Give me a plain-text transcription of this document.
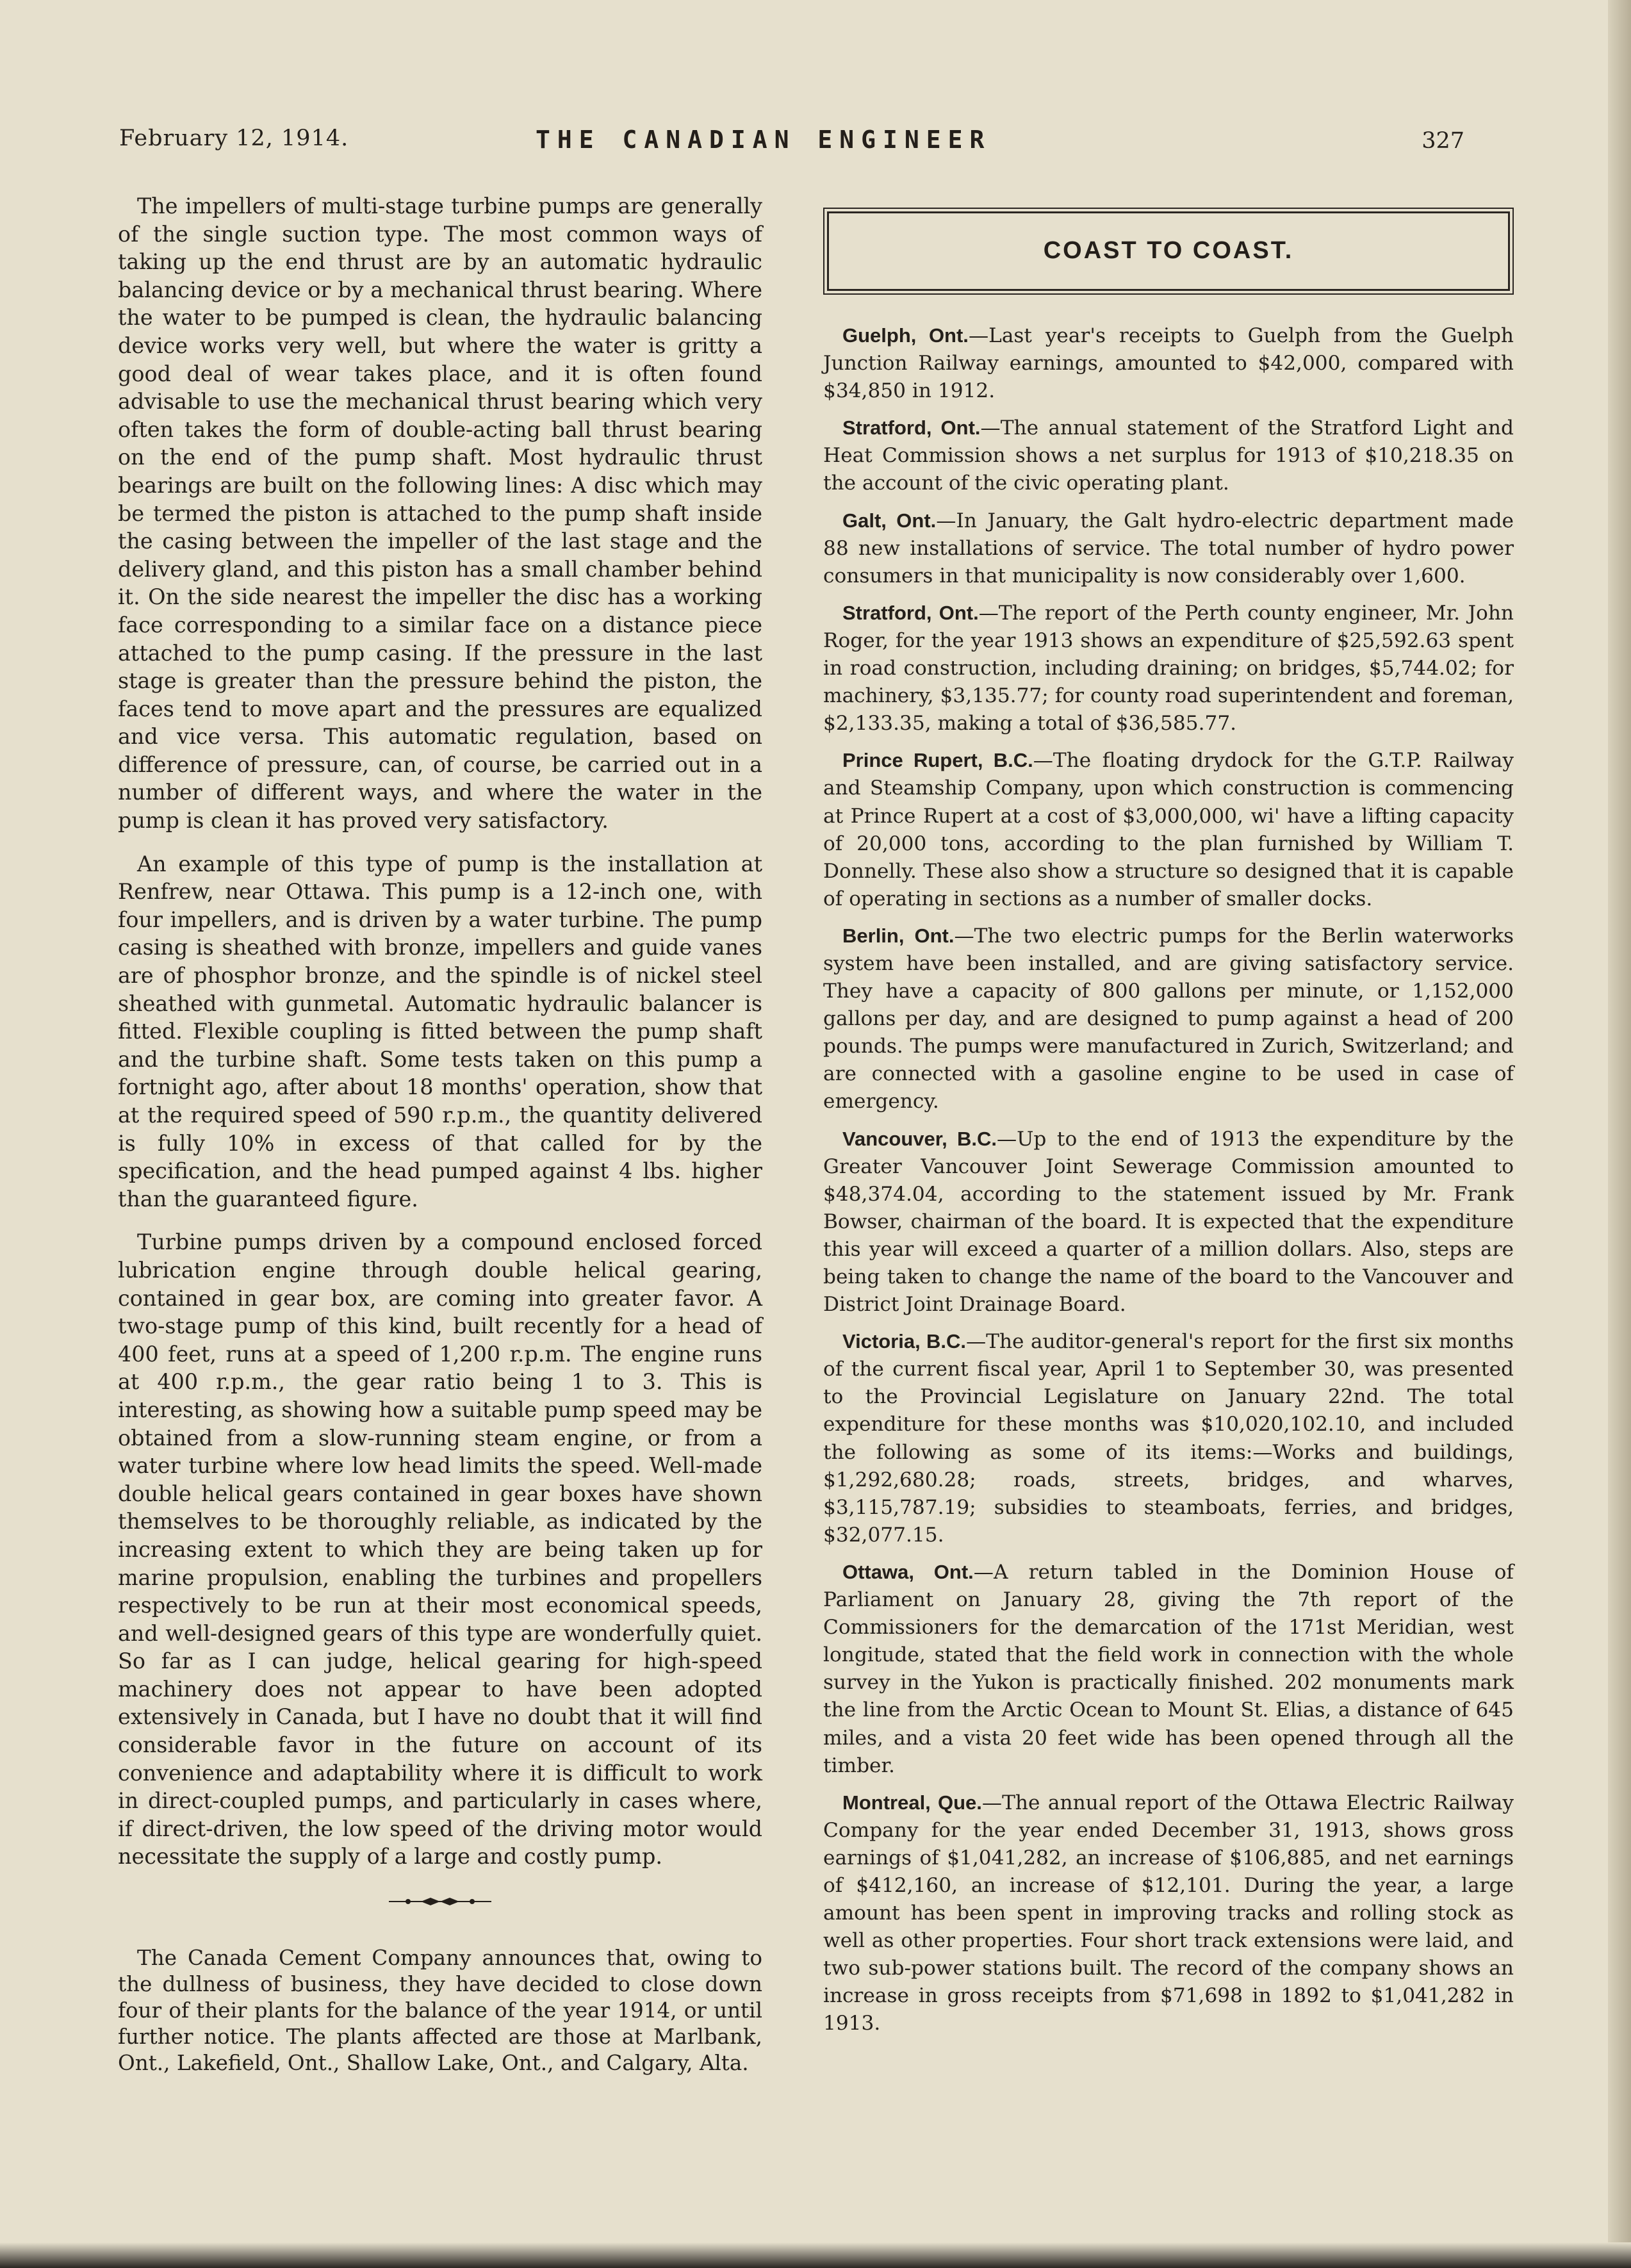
February 12, 1914.	THE CANADIAN ENGINEER	327

The impellers of multi-stage turbine pumps are generally of the single suction type. The most common ways of taking up the end thrust are by an automatic hydraulic balancing device or by a mechanical thrust bearing. Where the water to be pumped is clean, the hydraulic balancing device works very well, but where the water is gritty a good deal of wear takes place, and it is often found advisable to use the mechanical thrust bearing which very often takes the form of double-acting ball thrust bearing on the end of the pump shaft. Most hydraulic thrust bearings are built on the following lines: A disc which may be termed the piston is attached to the pump shaft inside the casing between the impeller of the last stage and the delivery gland, and this piston has a small chamber behind it. On the side nearest the impeller the disc has a working face corresponding to a similar face on a distance piece attached to the pump casing. If the pressure in the last stage is greater than the pressure behind the piston, the faces tend to move apart and the pressures are equalized and vice versa. This automatic regulation, based on difference of pressure, can, of course, be carried out in a number of different ways, and where the water in the pump is clean it has proved very satisfactory.

An example of this type of pump is the installation at Renfrew, near Ottawa. This pump is a 12-inch one, with four impellers, and is driven by a water turbine. The pump casing is sheathed with bronze, impellers and guide vanes are of phosphor bronze, and the spindle is of nickel steel sheathed with gunmetal. Automatic hydraulic balancer is fitted. Flexible coupling is fitted between the pump shaft and the turbine shaft. Some tests taken on this pump a fortnight ago, after about 18 months' operation, show that at the required speed of 590 r.p.m., the quantity delivered is fully 10% in excess of that called for by the specification, and the head pumped against 4 lbs. higher than the guaranteed figure.

Turbine pumps driven by a compound enclosed forced lubrication engine through double helical gearing, contained in gear box, are coming into greater favor. A two-stage pump of this kind, built recently for a head of 400 feet, runs at a speed of 1,200 r.p.m. The engine runs at 400 r.p.m., the gear ratio being 1 to 3. This is interesting, as showing how a suitable pump speed may be obtained from a slow-running steam engine, or from a water turbine where low head limits the speed. Well-made double helical gears contained in gear boxes have shown themselves to be thoroughly reliable, as indicated by the increasing extent to which they are being taken up for marine propulsion, enabling the turbines and propellers respectively to be run at their most economical speeds, and well-designed gears of this type are wonderfully quiet. So far as I can judge, helical gearing for high-speed machinery does not appear to have been adopted extensively in Canada, but I have no doubt that it will find considerable favor in the future on account of its convenience and adaptability where it is difficult to work in direct-coupled pumps, and particularly in cases where, if direct-driven, the low speed of the driving motor would necessitate the supply of a large and costly pump.

The Canada Cement Company announces that, owing to the dullness of business, they have decided to close down four of their plants for the balance of the year 1914, or until further notice. The plants affected are those at Marlbank, Ont., Lakefield, Ont., Shallow Lake, Ont., and Calgary, Alta.

COAST TO COAST.

Guelph, Ont.—Last year's receipts to Guelph from the Guelph Junction Railway earnings, amounted to $42,000, compared with $34,850 in 1912.

Stratford, Ont.—The annual statement of the Stratford Light and Heat Commission shows a net surplus for 1913 of $10,218.35 on the account of the civic operating plant.

Galt, Ont.—In January, the Galt hydro-electric department made 88 new installations of service. The total number of hydro power consumers in that municipality is now considerably over 1,600.

Stratford, Ont.—The report of the Perth county engineer, Mr. John Roger, for the year 1913 shows an expenditure of $25,592.63 spent in road construction, including draining; on bridges, $5,744.02; for machinery, $3,135.77; for county road superintendent and foreman, $2,133.35, making a total of $36,585.77.

Prince Rupert, B.C.—The floating drydock for the G.T.P. Railway and Steamship Company, upon which construction is commencing at Prince Rupert at a cost of $3,000,000, wi' have a lifting capacity of 20,000 tons, according to the plan furnished by William T. Donnelly. These also show a structure so designed that it is capable of operating in sections as a number of smaller docks.

Berlin, Ont.—The two electric pumps for the Berlin waterworks system have been installed, and are giving satisfactory service. They have a capacity of 800 gallons per minute, or 1,152,000 gallons per day, and are designed to pump against a head of 200 pounds. The pumps were manufactured in Zurich, Switzerland; and are connected with a gasoline engine to be used in case of emergency.

Vancouver, B.C.—Up to the end of 1913 the expenditure by the Greater Vancouver Joint Sewerage Commission amounted to $48,374.04, according to the statement issued by Mr. Frank Bowser, chairman of the board. It is expected that the expenditure this year will exceed a quarter of a million dollars. Also, steps are being taken to change the name of the board to the Vancouver and District Joint Drainage Board.

Victoria, B.C.—The auditor-general's report for the first six months of the current fiscal year, April 1 to September 30, was presented to the Provincial Legislature on January 22nd. The total expenditure for these months was $10,020,102.10, and included the following as some of its items:—Works and buildings, $1,292,680.28; roads, streets, bridges, and wharves, $3,115,787.19; subsidies to steamboats, ferries, and bridges, $32,077.15.

Ottawa, Ont.—A return tabled in the Dominion House of Parliament on January 28, giving the 7th report of the Commissioners for the demarcation of the 171st Meridian, west longitude, stated that the field work in connection with the whole survey in the Yukon is practically finished. 202 monuments mark the line from the Arctic Ocean to Mount St. Elias, a distance of 645 miles, and a vista 20 feet wide has been opened through all the timber.

Montreal, Que.—The annual report of the Ottawa Electric Railway Company for the year ended December 31, 1913, shows gross earnings of $1,041,282, an increase of $106,885, and net earnings of $412,160, an increase of $12,101. During the year, a large amount has been spent in improving tracks and rolling stock as well as other properties. Four short track extensions were laid, and two sub-power stations built. The record of the company shows an increase in gross receipts from $71,698 in 1892 to $1,041,282 in 1913.
